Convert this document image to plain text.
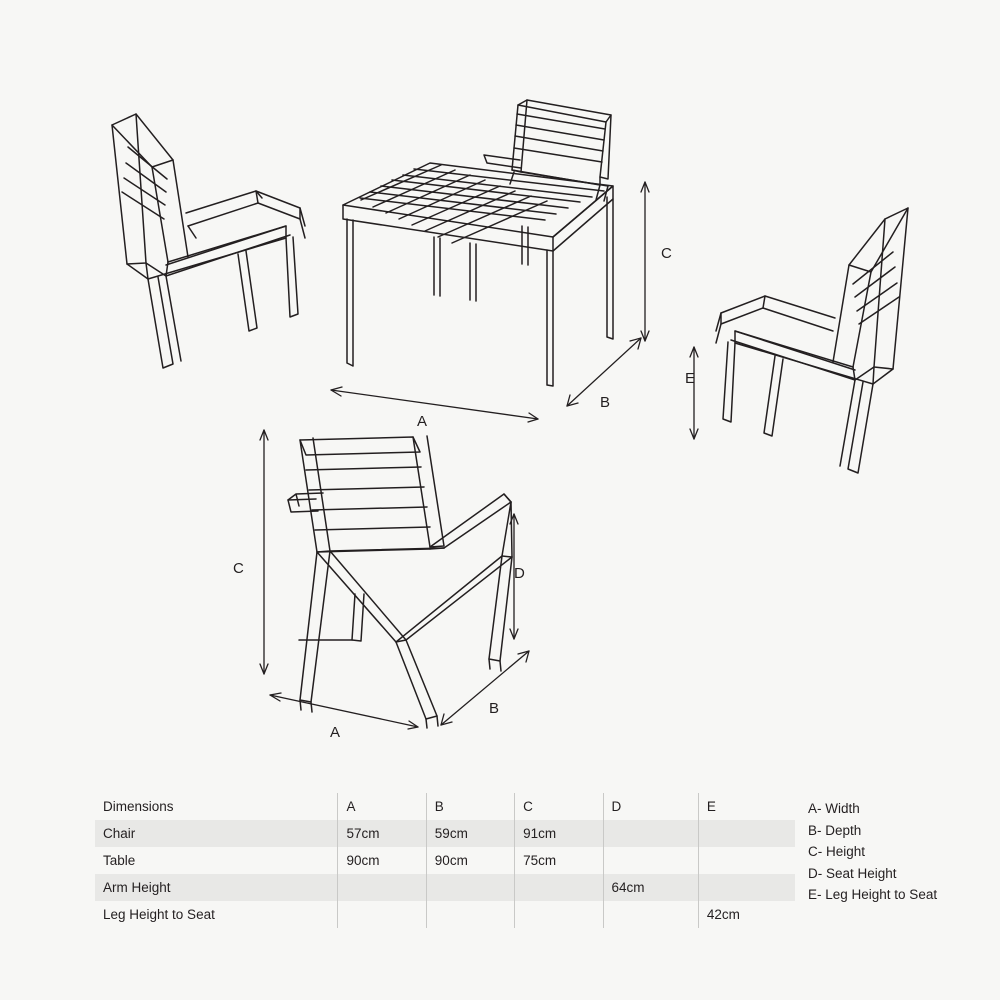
C
B
A
E
C	D
B
A
Dimensions	A	B	C	D	E
Chair	57cm	59cm	91cm		
Table	90cm	90cm	75cm		
Arm Height				64cm	
Leg Height to Seat					42cm
A- Width
B- Depth
C- Height
D- Seat Height
E- Leg Height to Seat
